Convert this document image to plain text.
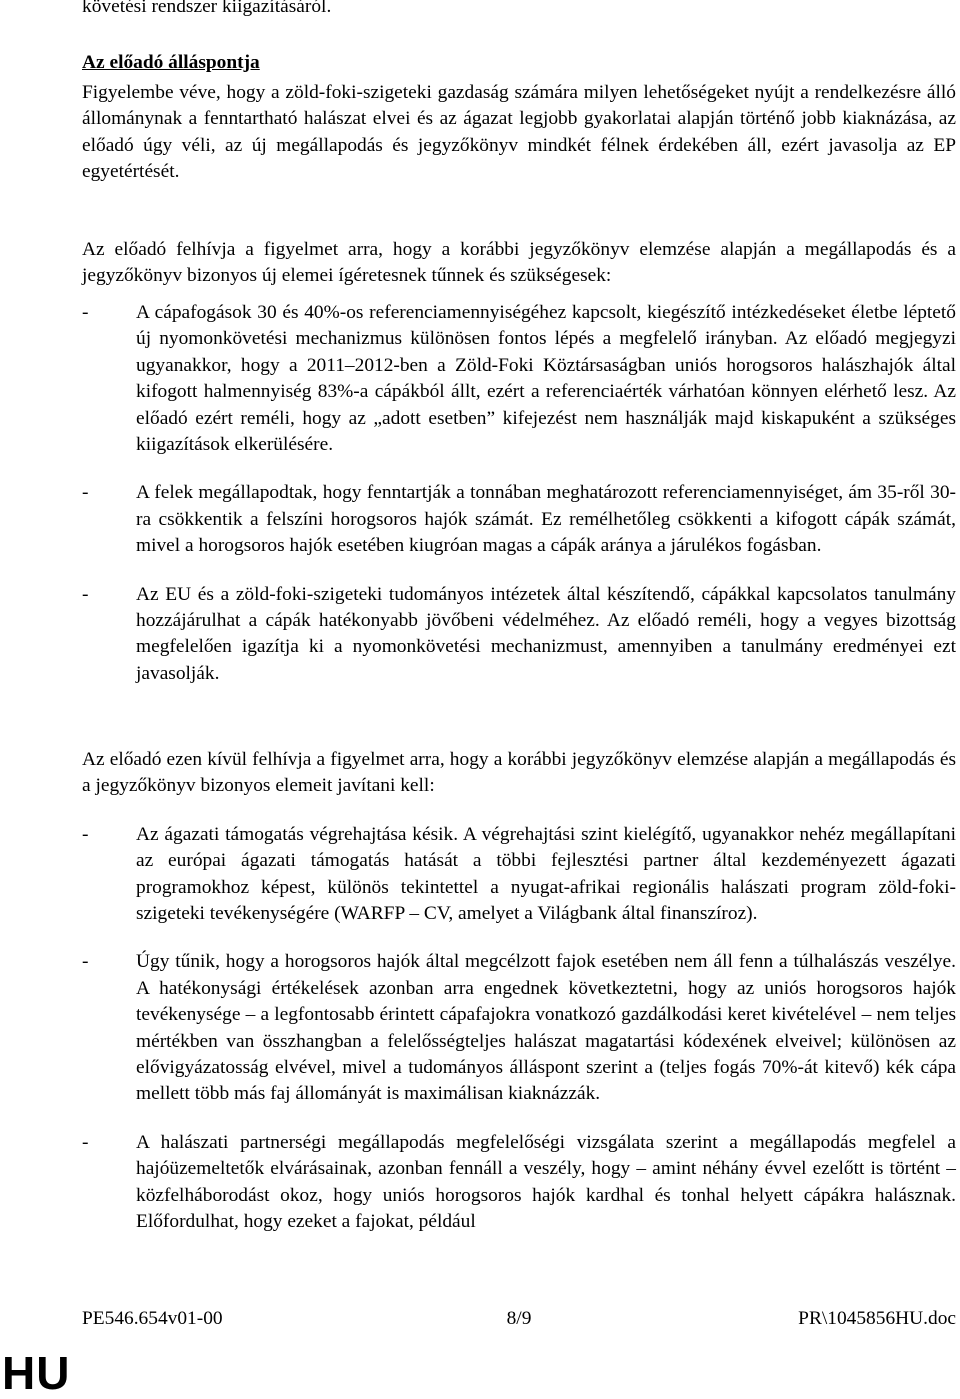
követési rendszer kiigazításáról.

Az előadó álláspontja

Figyelembe véve, hogy a zöld-foki-szigeteki gazdaság számára milyen lehetőségeket nyújt a rendelkezésre álló állománynak a fenntartható halászat elvei és az ágazat legjobb gyakorlatai alapján történő jobb kiaknázása, az előadó úgy véli, az új megállapodás és jegyzőkönyv mindkét félnek érdekében áll, ezért javasolja az EP egyetértését.

Az előadó felhívja a figyelmet arra, hogy a korábbi jegyzőkönyv elemzése alapján a megállapodás és a jegyzőkönyv bizonyos új elemei ígéretesnek tűnnek és szükségesek:

- A cápafogások 30 és 40%-os referenciamennyiségéhez kapcsolt, kiegészítő intézkedéseket életbe léptető új nyomonkövetési mechanizmus különösen fontos lépés a megfelelő irányban. Az előadó megjegyzi ugyanakkor, hogy a 2011–2012-ben a Zöld-Foki Köztársaságban uniós horogsoros halászhajók által kifogott halmennyiség 83%-a cápákból állt, ezért a referenciaérték várhatóan könnyen elérhető lesz. Az előadó ezért reméli, hogy az „adott esetben” kifejezést nem használják majd kiskapuként a szükséges kiigazítások elkerülésére.

- A felek megállapodtak, hogy fenntartják a tonnában meghatározott referenciamennyiséget, ám 35-ről 30-ra csökkentik a felszíni horogsoros hajók számát. Ez remélhetőleg csökkenti a kifogott cápák számát, mivel a horogsoros hajók esetében kiugróan magas a cápák aránya a járulékos fogásban.

- Az EU és a zöld-foki-szigeteki tudományos intézetek által készítendő, cápákkal kapcsolatos tanulmány hozzájárulhat a cápák hatékonyabb jövőbeni védelméhez. Az előadó reméli, hogy a vegyes bizottság megfelelően igazítja ki a nyomonkövetési mechanizmust, amennyiben a tanulmány eredményei ezt javasolják.

Az előadó ezen kívül felhívja a figyelmet arra, hogy a korábbi jegyzőkönyv elemzése alapján a megállapodás és a jegyzőkönyv bizonyos elemeit javítani kell:

- Az ágazati támogatás végrehajtása késik. A végrehajtási szint kielégítő, ugyanakkor nehéz megállapítani az európai ágazati támogatás hatását a többi fejlesztési partner által kezdeményezett ágazati programokhoz képest, különös tekintettel a nyugat-afrikai regionális halászati program zöld-foki-szigeteki tevékenységére (WARFP – CV, amelyet a Világbank által finanszíroz).

- Úgy tűnik, hogy a horogsoros hajók által megcélzott fajok esetében nem áll fenn a túlhalászás veszélye. A hatékonysági értékelések azonban arra engednek következtetni, hogy az uniós horogsoros hajók tevékenysége – a legfontosabb érintett cápafajokra vonatkozó gazdálkodási keret kivételével – nem teljes mértékben van összhangban a felelősségteljes halászat magatartási kódexének elveivel; különösen az elővigyázatosság elvével, mivel a tudományos álláspont szerint a (teljes fogás 70%-át kitevő) kék cápa mellett több más faj állományát is maximálisan kiaknázzák.

- A halászati partnerségi megállapodás megfelelőségi vizsgálata szerint a megállapodás megfelel a hajóüzemeltetők elvárásainak, azonban fennáll a veszély, hogy – amint néhány évvel ezelőtt is történt – közfelháborodást okoz, hogy uniós horogsoros hajók kardhal és tonhal helyett cápákra halásznak. Előfordulhat, hogy ezeket a fajokat, például

PE546.654v01-00	8/9	PR\1045856HU.doc
HU
